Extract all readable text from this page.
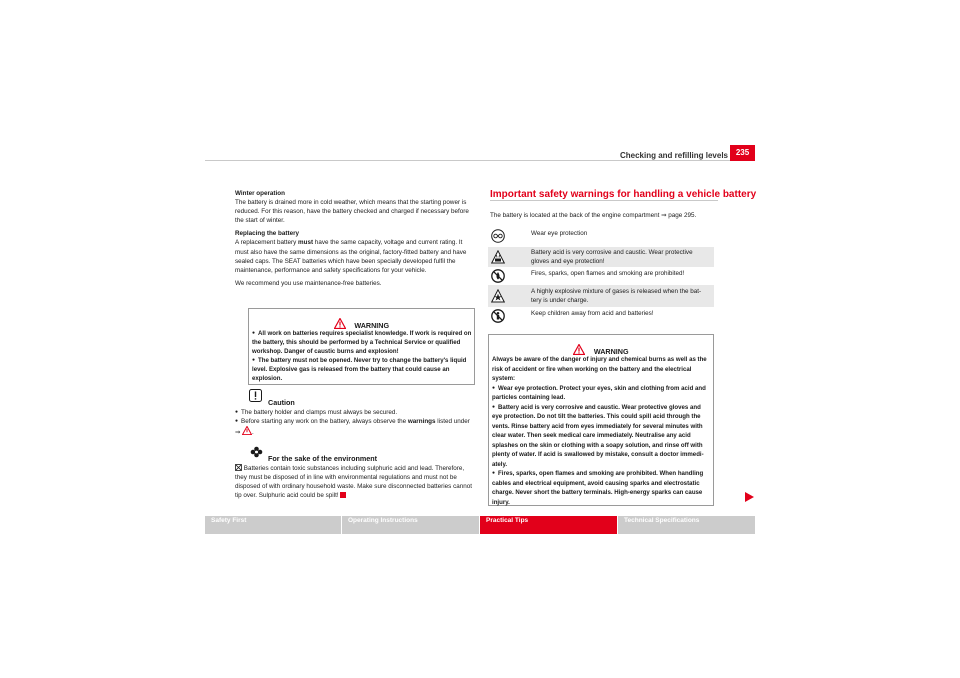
Checking and refilling levels 235
Winter operation
The battery is drained more in cold weather, which means that the starting power is reduced. For this reason, have the battery checked and charged if necessary before the start of winter.
Replacing the battery
A replacement battery must have the same capacity, voltage and current rating. It must also have the same dimensions as the original, factory-fitted battery and have sealed caps. The SEAT batteries which have been specially developed fulfil the maintenance, performance and safety specifications for your vehicle.
We recommend you use maintenance-free batteries.
WARNING
● All work on batteries requires specialist knowledge. If work is required on the battery, this should be performed by a Technical Service or qualified workshop. Danger of caustic burns and explosion!
● The battery must not be opened. Never try to change the battery's liquid level. Explosive gas is released from the battery that could cause an explosion.
Caution
● The battery holder and clamps must always be secured.
● Before starting any work on the battery, always observe the warnings listed under ⇒ .
For the sake of the environment
Batteries contain toxic substances including sulphuric acid and lead. Therefore, they must be disposed of in line with environmental regulations and must not be disposed of with ordinary household waste. Make sure disconnected batteries cannot tip over. Sulphuric acid could be spilt!
Important safety warnings for handling a vehicle battery
The battery is located at the back of the engine compartment ⇒ page 295.
Wear eye protection
Battery acid is very corrosive and caustic. Wear protective gloves and eye protection!
Fires, sparks, open flames and smoking are prohibited!
A highly explosive mixture of gases is released when the bat-tery is under charge.
Keep children away from acid and batteries!
WARNING
Always be aware of the danger of injury and chemical burns as well as the risk of accident or fire when working on the battery and the electrical system:
● Wear eye protection. Protect your eyes, skin and clothing from acid and particles containing lead.
● Battery acid is very corrosive and caustic. Wear protective gloves and eye protection. Do not tilt the batteries. This could spill acid through the vents. Rinse battery acid from eyes immediately for several minutes with clear water. Then seek medical care immediately. Neutralise any acid splashes on the skin or clothing with a soapy solution, and rinse off with plenty of water. If acid is swallowed by mistake, consult a doctor immedi-ately.
● Fires, sparks, open flames and smoking are prohibited. When handling cables and electrical equipment, avoid causing sparks and electrostatic charge. Never short the battery terminals. High-energy sparks can cause injury.
Safety First	Operating Instructions	Practical Tips	Technical Specifications
